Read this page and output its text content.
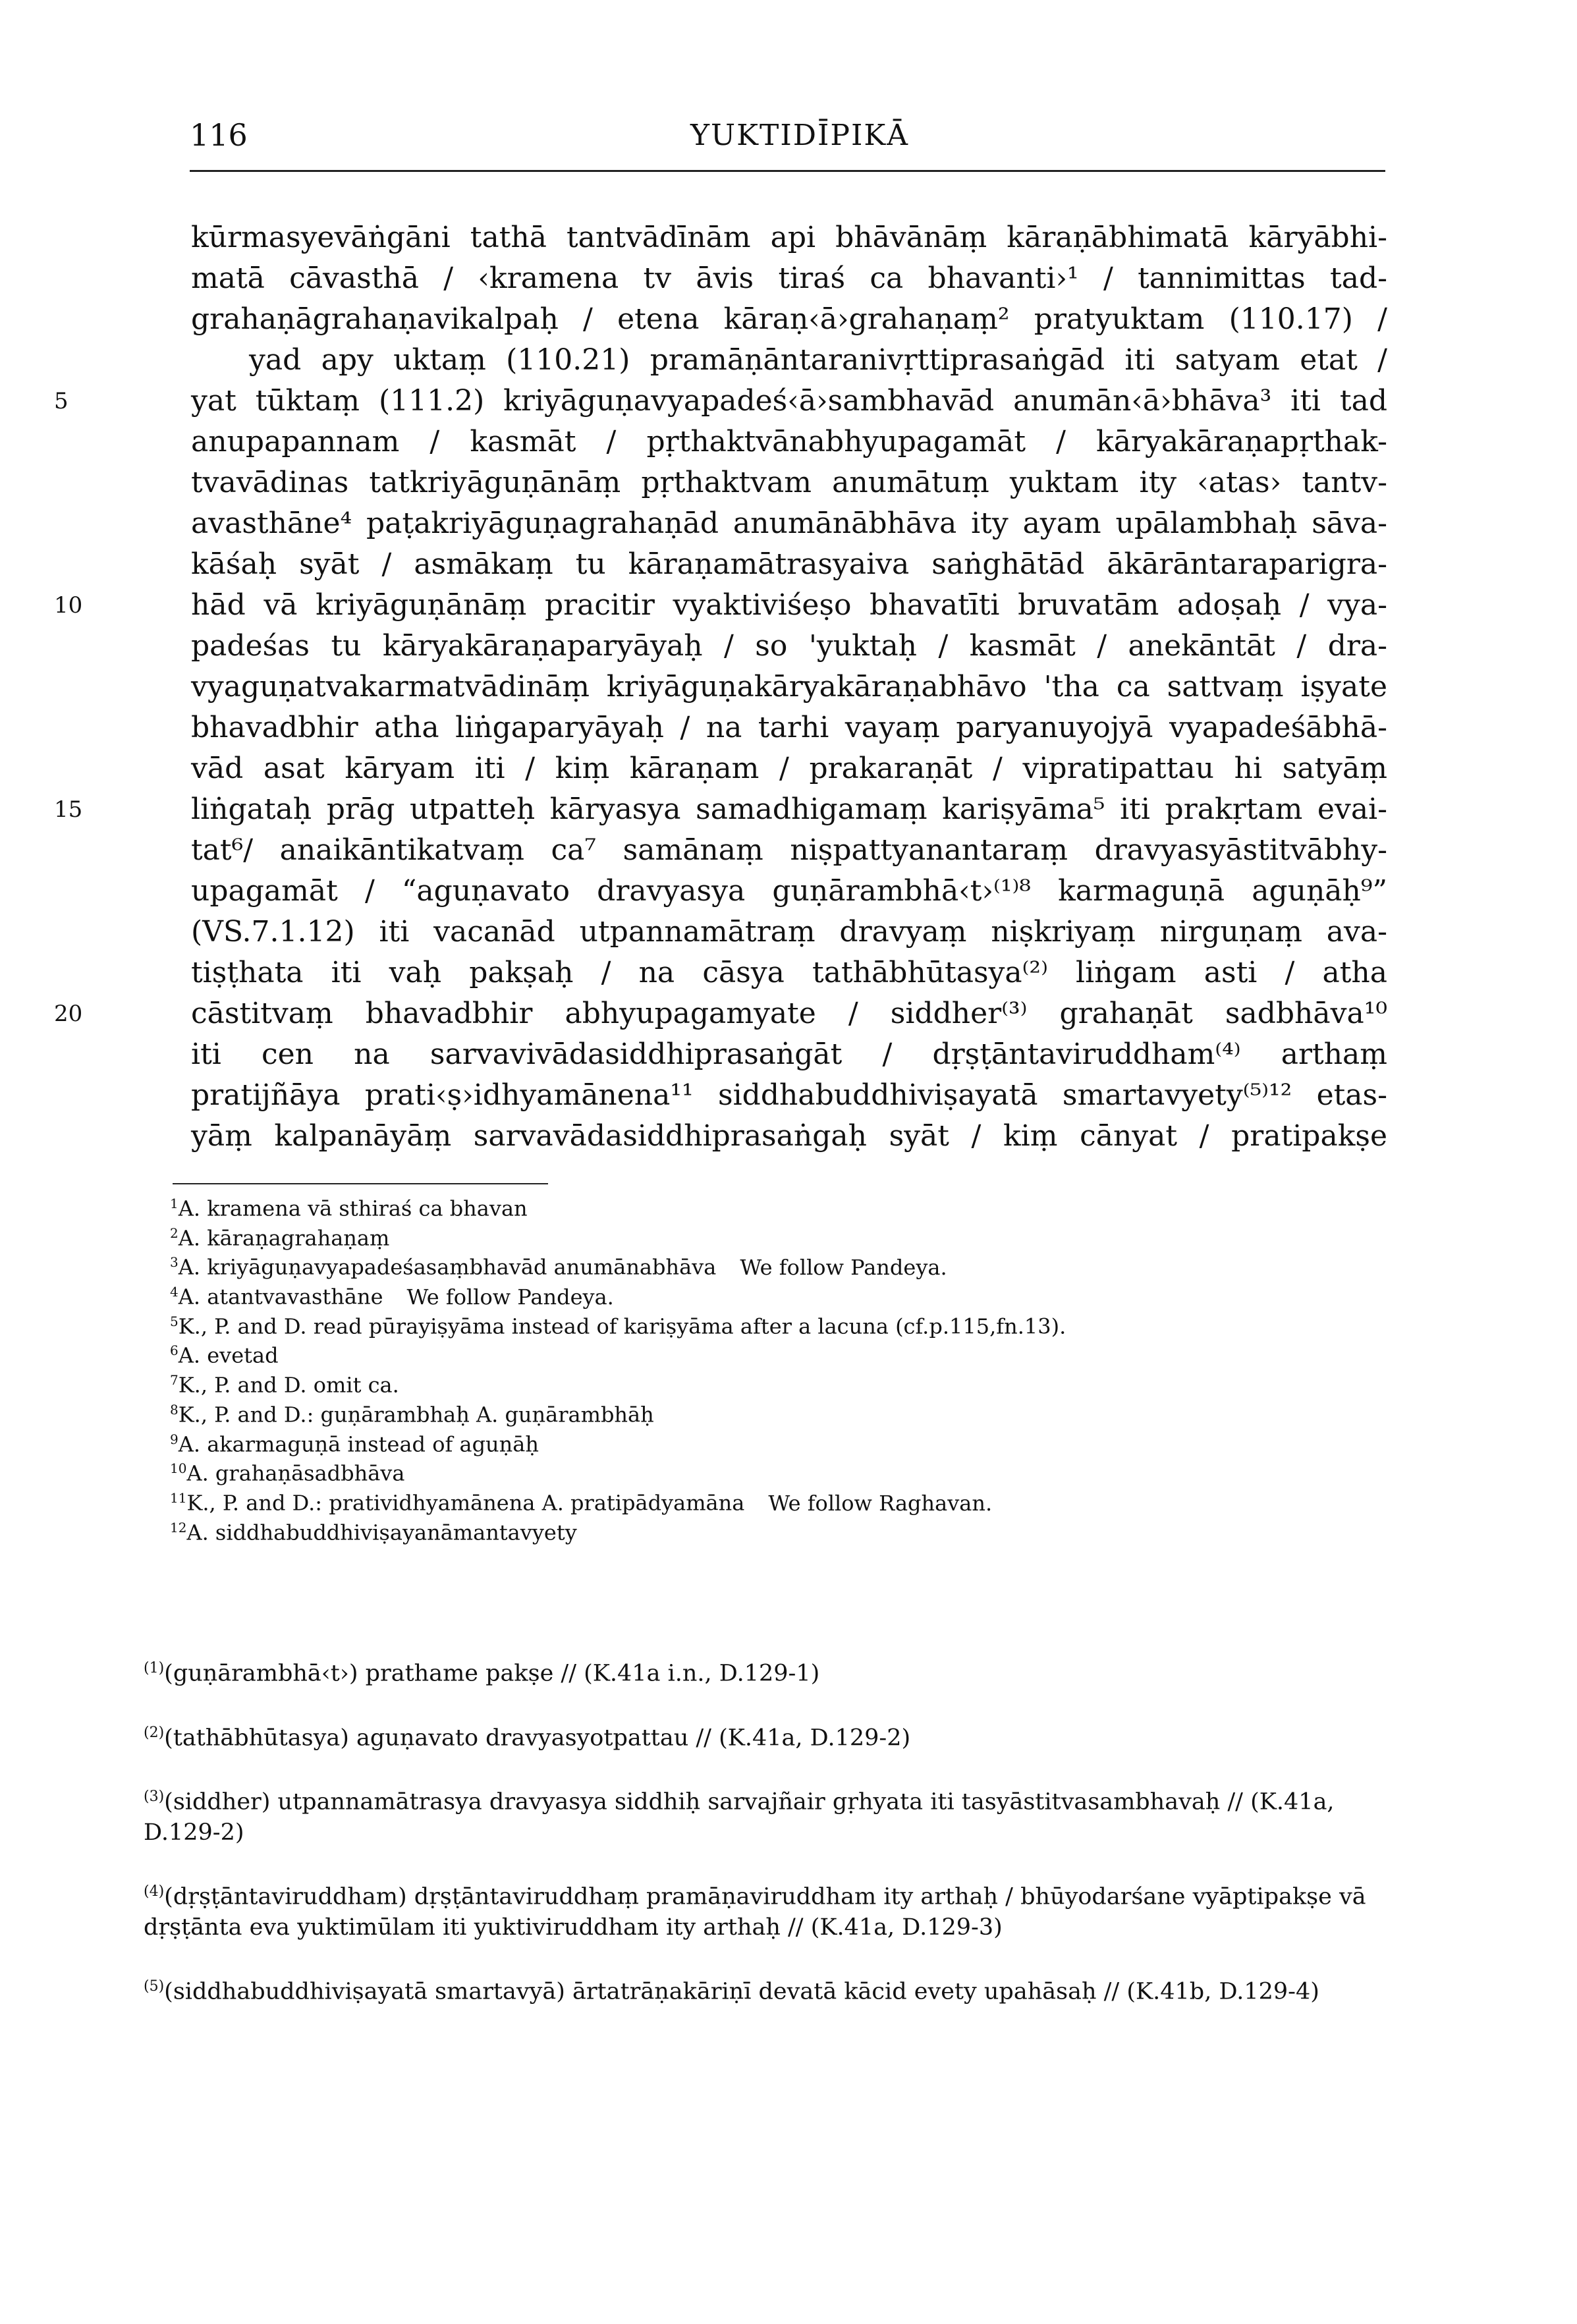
116	YUKTIDĪPIKĀ
kūrmasyevāṅgāni tathā tantvādīnām api bhāvānāṃ kāraṇābhimatā kāryābhi-
matā cāvasthā / ‹kramena tv āvis tiraś ca bhavanti›¹ / tannimittas tad-
grahaṇāgrahaṇavikalpaḥ / etena kāraṇ‹ā›grahaṇaṃ² pratyuktam (110.17) /
yad apy uktaṃ (110.21) pramāṇāntaranivṛttiprasaṅgād iti satyam etat /
5	yat tūktaṃ (111.2) kriyāguṇavyapadeś‹ā›sambhavād anumān‹ā›bhāva³ iti tad
anupapannam / kasmāt / pṛthaktvānabhyupagamāt / kāryakāraṇapṛthak-
tvavādinas tatkriyāguṇānāṃ pṛthaktvam anumātuṃ yuktam ity ‹atas› tantv-
avasthāne⁴ paṭakriyāguṇagrahaṇād anumānābhāva ity ayam upālambhaḥ sāva-
kāśaḥ syāt / asmākaṃ tu kāraṇamātrasyaiva saṅghātād ākārāntaraparigra-
10	hād vā kriyāguṇānāṃ pracitir vyaktiviśeṣo bhavatīti bruvatām adoṣaḥ / vya-
padeśas tu kāryakāraṇaparyāyaḥ / so 'yuktaḥ / kasmāt / anekāntāt / dra-
vyaguṇatvakarmatvādināṃ kriyāguṇakāryakāraṇabhāvo 'tha ca sattvaṃ iṣyate
bhavadbhir atha liṅgaparyāyaḥ / na tarhi vayaṃ paryanuyojyā vyapadeśābhā-
vād asat kāryam iti / kiṃ kāraṇam / prakaraṇāt / vipratipattau hi satyāṃ
15	liṅgataḥ prāg utpatteḥ kāryasya samadhigamaṃ kariṣyāma⁵ iti prakṛtam evai-
tat⁶/ anaikāntikatvaṃ ca⁷ samānaṃ niṣpattyanantaraṃ dravyasyāstitvābhy-
upagamāt / “aguṇavato dravyasya guṇārambhā‹t›⁽¹⁾⁸ karmaguṇā aguṇāḥ⁹”
(VS.7.1.12) iti vacanād utpannamātraṃ dravyaṃ niṣkriyaṃ nirguṇaṃ ava-
tiṣṭhata iti vaḥ pakṣaḥ / na cāsya tathābhūtasya⁽²⁾ liṅgam asti / atha
20	cāstitvaṃ bhavadbhir abhyupagamyate / siddher⁽³⁾ grahaṇāt sadbhāva¹⁰
iti cen na sarvavivādasiddhiprasaṅgāt / dṛṣṭāntaviruddham⁽⁴⁾ arthaṃ
pratijñāya prati‹ṣ›idhyamānena¹¹ siddhabuddhiviṣayatā smartavyety⁽⁵⁾¹² etas-
yāṃ kalpanāyāṃ sarvavādasiddhiprasaṅgaḥ syāt / kiṃ cānyat / pratipakṣe
$^1$A. kramena vā sthiraś ca bhavan
$^2$A. kāraṇagrahaṇaṃ
$^3$A. kriyāguṇavyapadeśasaṃbhavād anumānabhāva We follow Pandeya.
$^4$A. atantvavasthāne We follow Pandeya.
$^5$K., P. and D. read pūrayiṣyāma instead of kariṣyāma after a lacuna (cf.p.115,fn.13).
$^6$A. evetad
$^7$K., P. and D. omit ca.
$^8$K., P. and D.: guṇārambhaḥ A. guṇārambhāḥ
$^9$A. akarmaguṇā instead of aguṇāḥ
$^{10}$A. grahaṇāsadbhāva
$^{11}$K., P. and D.: pratividhyamānena A. pratipādyamāna We follow Raghavan.
$^{12}$A. siddhabuddhiviṣayanāmantavyety
$^{(1)}$(guṇārambhā‹t›) prathame pakṣe // (K.41a i.n., D.129-1)
$^{(2)}$(tathābhūtasya) aguṇavato dravyasyotpattau // (K.41a, D.129-2)
$^{(3)}$(siddher) utpannamātrasya dravyasya siddhiḥ sarvajñair gṛhyata iti tasyāstitvasambhavaḥ // (K.41a, D.129-2)
$^{(4)}$(dṛṣṭāntaviruddham) dṛṣṭāntaviruddhaṃ pramāṇaviruddham ity arthaḥ / bhūyodarśane vyāptipakṣe vā dṛṣṭānta eva yuktimūlam iti yuktiviruddham ity arthaḥ // (K.41a, D.129-3)
$^{(5)}$(siddhabuddhiviṣayatā smartavyā) ārtatrāṇakāriṇī devatā kācid evety upahāsaḥ // (K.41b, D.129-4)
